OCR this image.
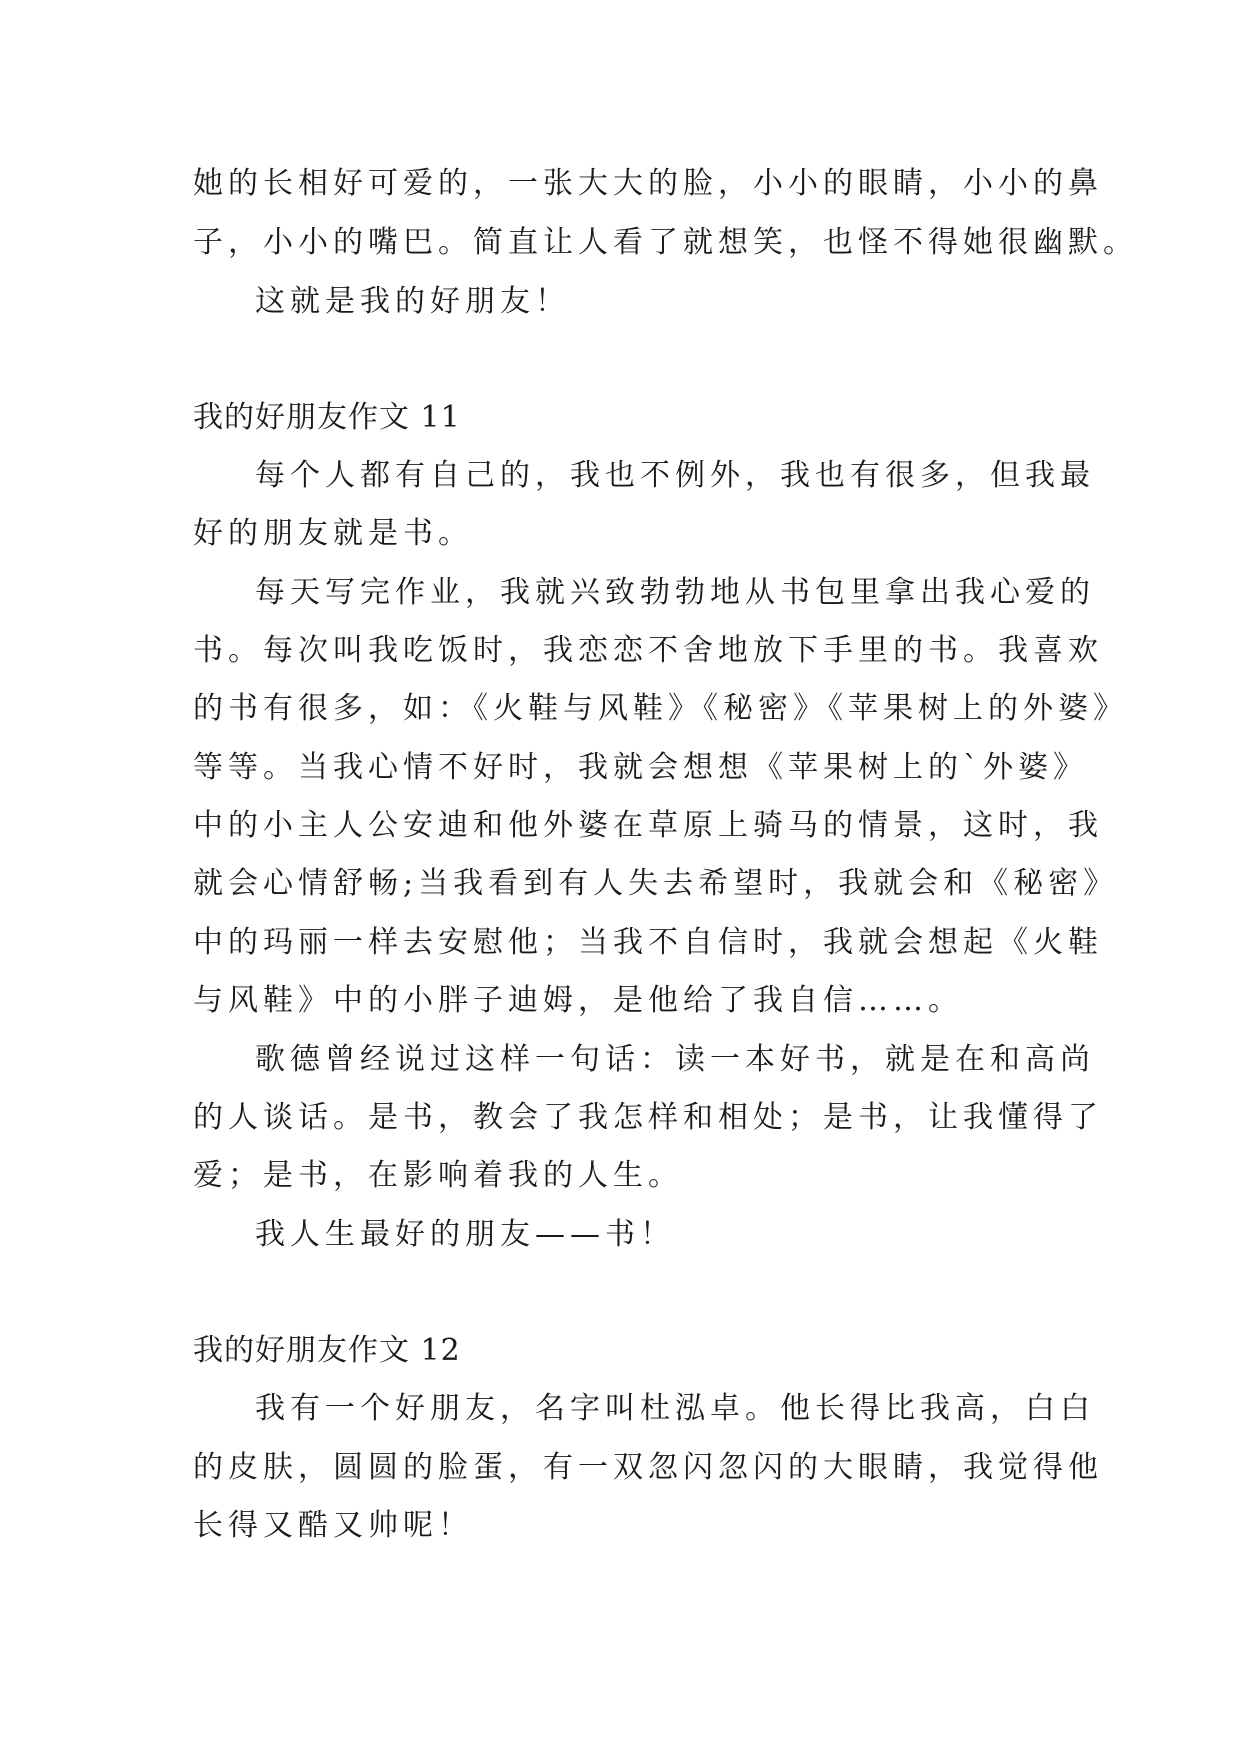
她的长相好可爱的，一张大大的脸，小小的眼睛，小小的鼻

子，小小的嘴巴。简直让人看了就想笑，也怪不得她很幽默。

这就是我的好朋友！

我的好朋友作文 11

每个人都有自己的，我也不例外，我也有很多，但我最

好的朋友就是书。

每天写完作业，我就兴致勃勃地从书包里拿出我心爱的

书。每次叫我吃饭时，我恋恋不舍地放下手里的书。我喜欢

的书有很多，如：《火鞋与风鞋》《秘密》《苹果树上的外婆》

等等。当我心情不好时，我就会想想《苹果树上的`外婆》

中的小主人公安迪和他外婆在草原上骑马的情景，这时，我

就会心情舒畅;当我看到有人失去希望时，我就会和《秘密》

中的玛丽一样去安慰他；当我不自信时，我就会想起《火鞋

与风鞋》中的小胖子迪姆，是他给了我自信……。

歌德曾经说过这样一句话：读一本好书，就是在和高尚

的人谈话。是书，教会了我怎样和相处；是书，让我懂得了

爱；是书，在影响着我的人生。

我人生最好的朋友——书！

我的好朋友作文 12

我有一个好朋友，名字叫杜泓卓。他长得比我高，白白

的皮肤，圆圆的脸蛋，有一双忽闪忽闪的大眼睛，我觉得他

长得又酷又帅呢！
